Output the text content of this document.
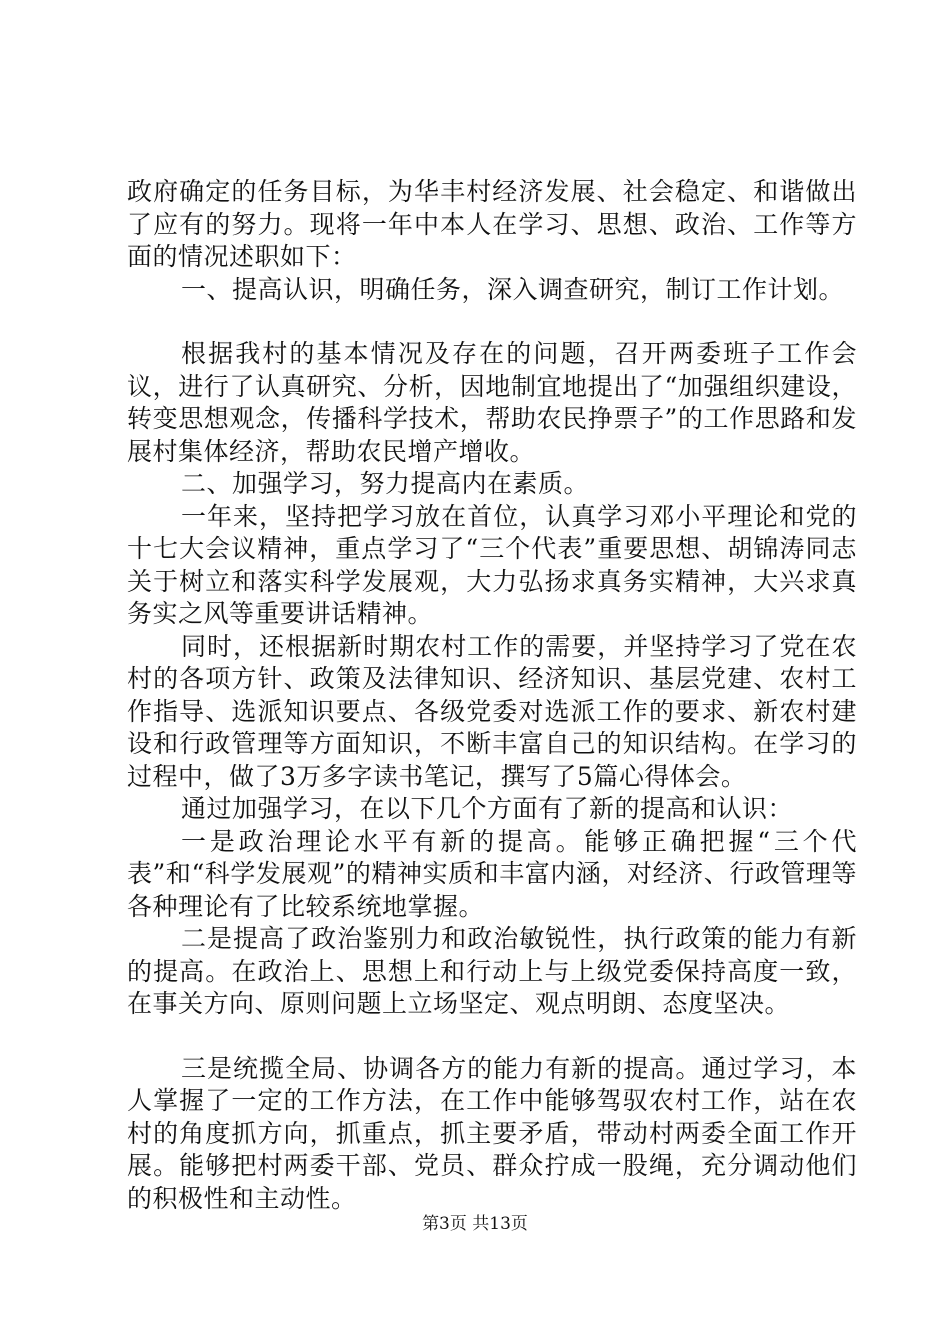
政府确定的任务目标，为华丰村经济发展、社会稳定、和谐做出了应有的努力。现将一年中本人在学习、思想、政治、工作等方面的情况述职如下：

一、提高认识，明确任务，深入调查研究，制订工作计划。

根据我村的基本情况及存在的问题，召开两委班子工作会议，进行了认真研究、分析，因地制宜地提出了“加强组织建设，转变思想观念，传播科学技术，帮助农民挣票子”的工作思路和发展村集体经济，帮助农民增产增收。

二、加强学习，努力提高内在素质。

一年来，坚持把学习放在首位，认真学习邓小平理论和党的十七大会议精神，重点学习了“三个代表”重要思想、胡锦涛同志关于树立和落实科学发展观，大力弘扬求真务实精神，大兴求真务实之风等重要讲话精神。

同时，还根据新时期农村工作的需要，并坚持学习了党在农村的各项方针、政策及法律知识、经济知识、基层党建、农村工作指导、选派知识要点、各级党委对选派工作的要求、新农村建设和行政管理等方面知识，不断丰富自己的知识结构。在学习的过程中，做了3万多字读书笔记，撰写了5篇心得体会。

通过加强学习，在以下几个方面有了新的提高和认识：

一是政治理论水平有新的提高。能够正确把握“三个代表”和“科学发展观”的精神实质和丰富内涵，对经济、行政管理等各种理论有了比较系统地掌握。

二是提高了政治鉴别力和政治敏锐性，执行政策的能力有新的提高。在政治上、思想上和行动上与上级党委保持高度一致，在事关方向、原则问题上立场坚定、观点明朗、态度坚决。

三是统揽全局、协调各方的能力有新的提高。通过学习，本人掌握了一定的工作方法，在工作中能够驾驭农村工作，站在农村的角度抓方向，抓重点，抓主要矛盾，带动村两委全面工作开展。能够把村两委干部、党员、群众拧成一股绳，充分调动他们的积极性和主动性。

第3页 共13页
